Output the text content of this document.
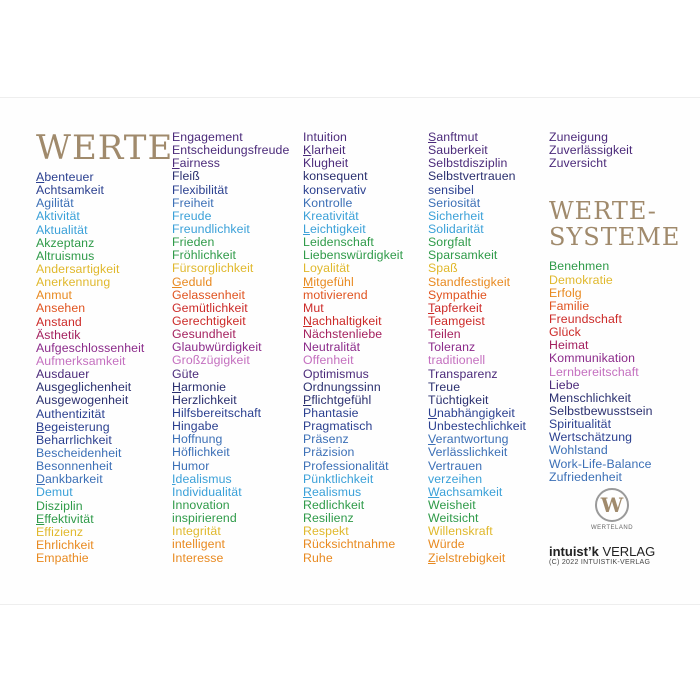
WERTE
Abenteuer
Achtsamkeit
Agilität
Aktivität
Aktualität
Akzeptanz
Altruismus
Andersartigkeit
Anerkennung
Anmut
Ansehen
Anstand
Ästhetik
Aufgeschlossenheit
Aufmerksamkeit
Ausdauer
Ausgeglichenheit
Ausgewogenheit
Authentizität
Begeisterung
Beharrlichkeit
Bescheidenheit
Besonnenheit
Dankbarkeit
Demut
Disziplin
Effektivität
Effizienz
Ehrlichkeit
Empathie
Engagement
Entscheidungsfreude
Fairness
Fleiß
Flexibilität
Freiheit
Freude
Freundlichkeit
Frieden
Fröhlichkeit
Fürsorglichkeit
Geduld
Gelassenheit
Gemütlichkeit
Gerechtigkeit
Gesundheit
Glaubwürdigkeit
Großzügigkeit
Güte
Harmonie
Herzlichkeit
Hilfsbereitschaft
Hingabe
Hoffnung
Höflichkeit
Humor
Idealismus
Individualität
Innovation
inspirierend
Integrität
intelligent
Interesse
Intuition
Klarheit
Klugheit
konsequent
konservativ
Kontrolle
Kreativität
Leichtigkeit
Leidenschaft
Liebenswürdigkeit
Loyalität
Mitgefühl
motivierend
Mut
Nachhaltigkeit
Nächstenliebe
Neutralität
Offenheit
Optimismus
Ordnungssinn
Pflichtgefühl
Phantasie
Pragmatisch
Präsenz
Präzision
Professionalität
Pünktlichkeit
Realismus
Redlichkeit
Resilienz
Respekt
Rücksichtnahme
Ruhe
Sanftmut
Sauberkeit
Selbstdisziplin
Selbstvertrauen
sensibel
Seriosität
Sicherheit
Solidarität
Sorgfalt
Sparsamkeit
Spaß
Standfestigkeit
Sympathie
Tapferkeit
Teamgeist
Teilen
Toleranz
traditionell
Transparenz
Treue
Tüchtigkeit
Unabhängigkeit
Unbestechlichkeit
Verantwortung
Verlässlichkeit
Vertrauen
verzeihen
Wachsamkeit
Weisheit
Weitsicht
Willenskraft
Würde
Zielstrebigkeit
Zuneigung
Zuverlässigkeit
Zuversicht
WERTE-
SYSTEME
Benehmen
Demokratie
Erfolg
Familie
Freundschaft
Glück
Heimat
Kommunikation
Lernbereitschaft
Liebe
Menschlichkeit
Selbstbewusstsein
Spiritualität
Wertschätzung
Wohlstand
Work-Life-Balance
Zufriedenheit
W
WERTELAND
intuist’k VERLAG
(C) 2022 INTUISTIK-VERLAG
